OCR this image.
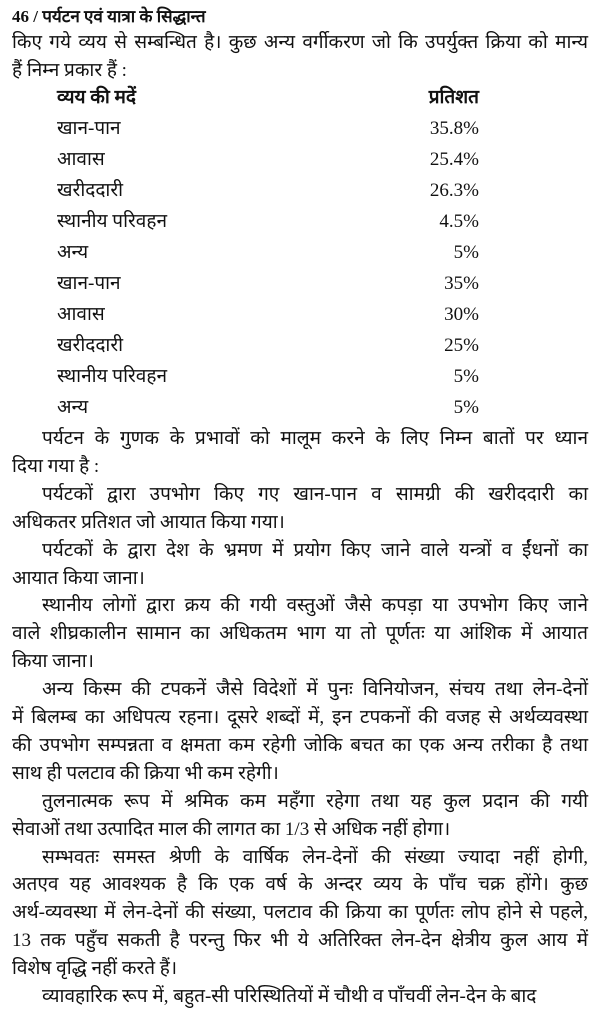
46 / पर्यटन एवं यात्रा के सिद्धान्त
किए गये व्यय से सम्बन्धित है। कुछ अन्य वर्गीकरण जो कि उपर्युक्त क्रिया को मान्य
हैं निम्न प्रकार हैं :
व्यय की मदें	प्रतिशत
खान-पान	35.8%
आवास	25.4%
खरीददारी	26.3%
स्थानीय परिवहन	4.5%
अन्य	5%
खान-पान	35%
आवास	30%
खरीददारी	25%
स्थानीय परिवहन	5%
अन्य	5%
पर्यटन के गुणक के प्रभावों को मालूम करने के लिए निम्न बातों पर ध्यान
दिया गया है :
पर्यटकों द्वारा उपभोग किए गए खान-पान व सामग्री की खरीददारी का
अधिकतर प्रतिशत जो आयात किया गया।
पर्यटकों के द्वारा देश के भ्रमण में प्रयोग किए जाने वाले यन्त्रों व ईंधनों का
आयात किया जाना।
स्थानीय लोगों द्वारा क्रय की गयी वस्तुओं जैसे कपड़ा या उपभोग किए जाने
वाले शीघ्रकालीन सामान का अधिकतम भाग या तो पूर्णतः या आंशिक में आयात
किया जाना।
अन्य किस्म की टपकनें जैसे विदेशों में पुनः विनियोजन, संचय तथा लेन-देनों
में बिलम्ब का अधिपत्य रहना। दूसरे शब्दों में, इन टपकनों की वजह से अर्थव्यवस्था
की उपभोग सम्पन्नता व क्षमता कम रहेगी जोकि बचत का एक अन्य तरीका है तथा
साथ ही पलटाव की क्रिया भी कम रहेगी।
तुलनात्मक रूप में श्रमिक कम महँगा रहेगा तथा यह कुल प्रदान की गयी
सेवाओं तथा उत्पादित माल की लागत का 1/3 से अधिक नहीं होगा।
सम्भवतः समस्त श्रेणी के वार्षिक लेन-देनों की संख्या ज्यादा नहीं होगी,
अतएव यह आवश्यक है कि एक वर्ष के अन्दर व्यय के पाँच चक्र होंगे। कुछ
अर्थ-व्यवस्था में लेन-देनों की संख्या, पलटाव की क्रिया का पूर्णतः लोप होने से पहले,
13 तक पहुँच सकती है परन्तु फिर भी ये अतिरिक्त लेन-देन क्षेत्रीय कुल आय में
विशेष वृद्धि नहीं करते हैं।
व्यावहारिक रूप में, बहुत-सी परिस्थितियों में चौथी व पाँचवीं लेन-देन के बाद
